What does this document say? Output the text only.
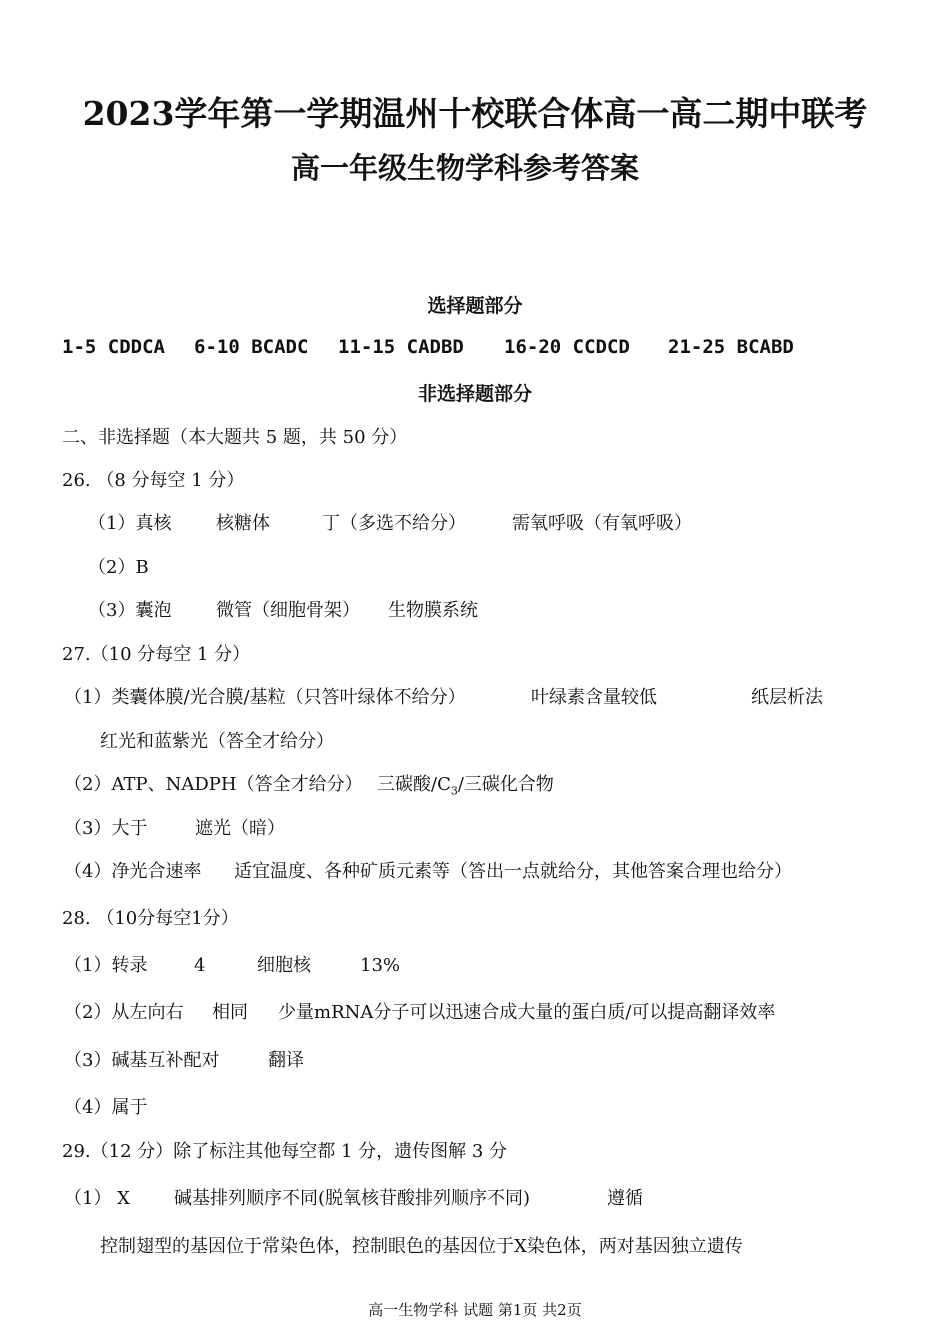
2023学年第一学期温州十校联合体高一高二期中联考
高一年级生物学科参考答案
选择题部分
1-5 CDDCA 6-10 BCADC 11-15 CADBD 16-20 CCDCD 21-25 BCABD
非选择题部分
二、非选择题（本大题共 5 题，共 50 分）
26. （8 分每空 1 分）
（1）真核 核糖体	丁（多选不给分）	需氧呼吸（有氧呼吸）
（2）B
（3）囊泡 微管（细胞骨架） 生物膜系统
27.（10 分每空 1 分）
（1）类囊体膜/光合膜/基粒（只答叶绿体不给分）	叶绿素含量较低	纸层析法
红光和蓝紫光（答全才给分）
（2）ATP、NADPH（答全才给分） 三碳酸$/C_3/$三碳化合物
（3）大于	遮光（暗）
（4）净光合速率 适宜温度、各种矿质元素等（答出一点就给分，其他答案合理也给分）
28. （10分每空1分）
（1）转录	4	细胞核	13%
（2）从左向右 相同 少量mRNA分子可以迅速合成大量的蛋白质/可以提高翻译效率
（3）碱基互补配对	翻译
（4）属于
29.（12 分）除了标注其他每空都 1 分，遗传图解 3 分
（1） X 碱基排列顺序不同(脱氧核苷酸排列顺序不同)	遵循
控制翅型的基因位于常染色体，控制眼色的基因位于X染色体，两对基因独立遗传
高一生物学科 试题 第1页 共2页
